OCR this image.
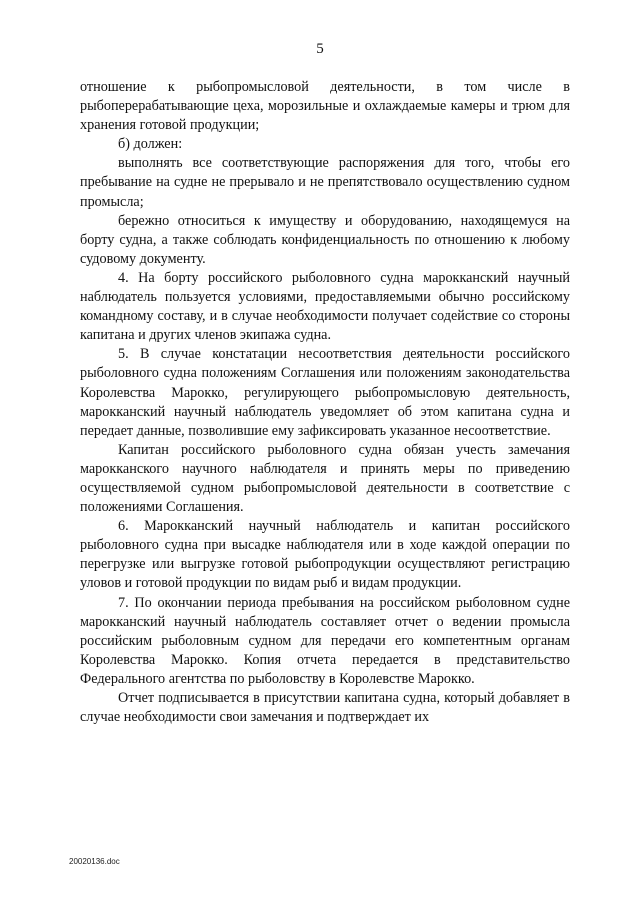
5

отношение к рыбопромысловой деятельности, в том числе в рыбоперерабатывающие цеха, морозильные и охлаждаемые камеры и трюм для хранения готовой продукции;

б) должен:

выполнять все соответствующие распоряжения для того, чтобы его пребывание на судне не прерывало и не препятствовало осуществлению судном промысла;

бережно относиться к имуществу и оборудованию, находящемуся на борту судна, а также соблюдать конфиденциальность по отношению к любому судовому документу.

4. На борту российского рыболовного судна марокканский научный наблюдатель пользуется условиями, предоставляемыми обычно российскому командному составу, и в случае необходимости получает содействие со стороны капитана и других членов экипажа судна.

5. В случае констатации несоответствия деятельности российского рыболовного судна положениям Соглашения или положениям законодательства Королевства Марокко, регулирующего рыбопромысловую деятельность, марокканский научный наблюдатель уведомляет об этом капитана судна и передает данные, позволившие ему зафиксировать указанное несоответствие.

Капитан российского рыболовного судна обязан учесть замечания марокканского научного наблюдателя и принять меры по приведению осуществляемой судном рыбопромысловой деятельности в соответствие с положениями Соглашения.

6. Марокканский научный наблюдатель и капитан российского рыболовного судна при высадке наблюдателя или в ходе каждой операции по перегрузке или выгрузке готовой рыбопродукции осуществляют регистрацию уловов и готовой продукции по видам рыб и видам продукции.

7. По окончании периода пребывания на российском рыболовном судне марокканский научный наблюдатель составляет отчет о ведении промысла российским рыболовным судном для передачи его компетентным органам Королевства Марокко. Копия отчета передается в представительство Федерального агентства по рыболовству в Королевстве Марокко.

Отчет подписывается в присутствии капитана судна, который добавляет в случае необходимости свои замечания и подтверждает их

20020136.doc
